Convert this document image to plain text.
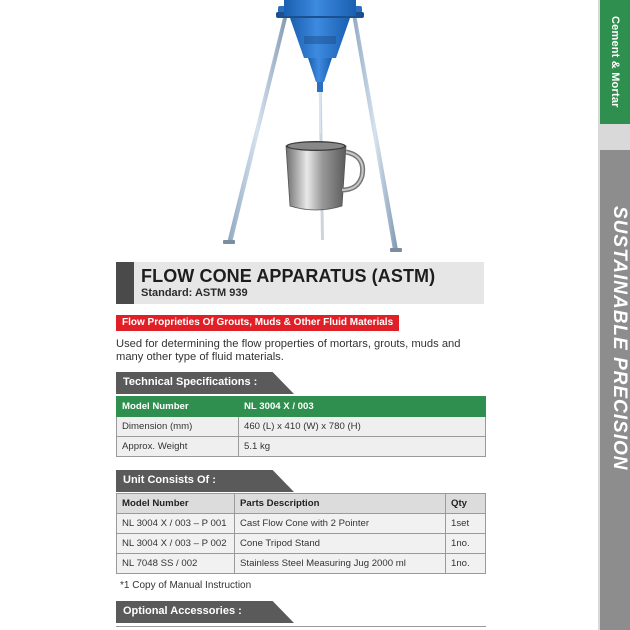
Cement & Mortar
SUSTAINABLE PRECISION
FLOW CONE APPARATUS (ASTM)
Standard: ASTM 939
Flow Proprieties Of Grouts, Muds & Other Fluid Materials
Used for determining the flow properties of mortars, grouts, muds and many other type of fluid materials.
Technical Specifications :
Model Number	NL 3004 X / 003
Dimension (mm)	460 (L) x 410 (W) x 780 (H)
Approx. Weight	5.1 kg
Unit Consists Of :
Model Number	Parts Description	Qty
NL 3004 X / 003 – P 001	Cast Flow Cone with 2 Pointer	1set
NL 3004 X / 003 – P 002	Cone Tripod Stand	1no.
NL 7048 SS / 002	Stainless Steel Measuring Jug 2000 ml	1no.
*1 Copy of Manual Instruction
Optional Accessories :
